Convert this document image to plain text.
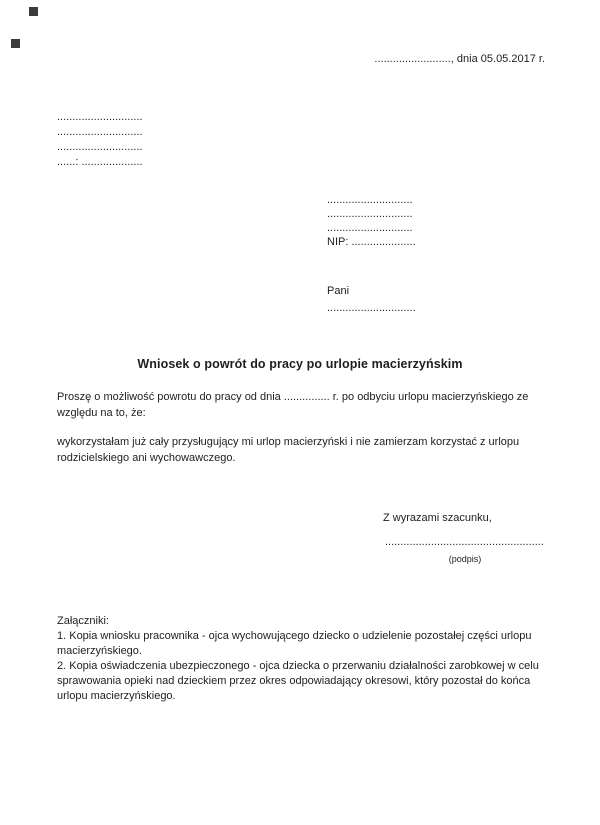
........................., dnia 05.05.2017 r.
............................
............................
............................
......: ....................
............................
............................
............................
NIP: .....................
Pani
.............................
Wniosek o powrót do pracy po urlopie macierzyńskim

Proszę o możliwość powrotu do pracy od dnia ............... r. po odbyciu urlopu macierzyńskiego ze względu na to, że:

wykorzystałam już cały przysługujący mi urlop macierzyński i nie zamierzam korzystać z urlopu rodzicielskiego ani wychowawczego.

Z wyrazami szacunku,
....................................................
(podpis)
Załączniki:

1. Kopia wniosku pracownika - ojca wychowującego dziecko o udzielenie pozostałej części urlopu macierzyńskiego.

2. Kopia oświadczenia ubezpieczonego - ojca dziecka o przerwaniu działalności zarobkowej w celu sprawowania opieki nad dzieckiem przez okres odpowiadający okresowi, który pozostał do końca urlopu macierzyńskiego.
